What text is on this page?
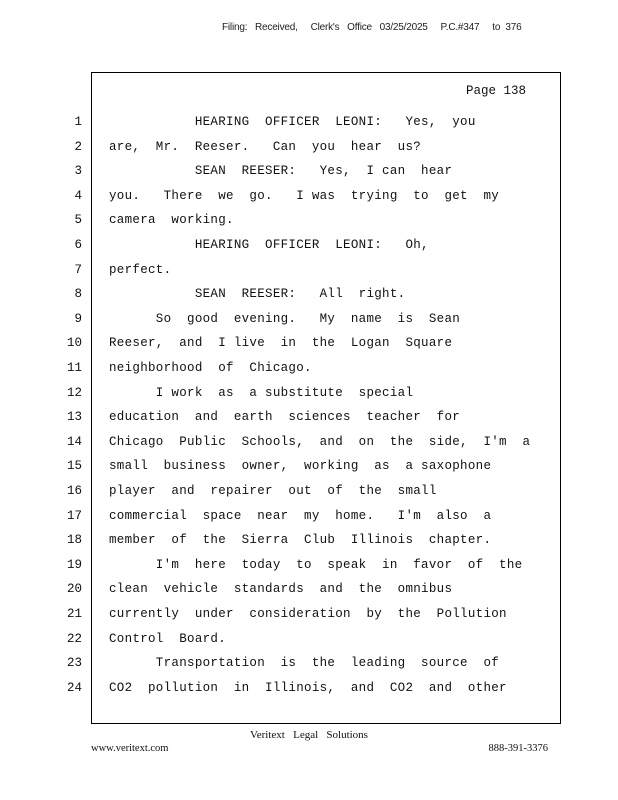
Filing:   Received,     Clerk's   Office   03/25/2025     P.C.#347     to  376
Page 138
1 HEARING  OFFICER  LEONI:   Yes,  you
2 are,  Mr.  Reeser.   Can  you  hear  us?
3 SEAN  REESER:   Yes,  I can  hear
4 you.   There  we  go.   I was  trying  to  get  my
5 camera  working.
6 HEARING  OFFICER  LEONI:   Oh,
7 perfect.
8 SEAN  REESER:   All  right.
9 So  good  evening.   My  name  is  Sean
10 Reeser,  and  I live  in  the  Logan  Square
11 neighborhood  of  Chicago.
12 I work  as  a substitute  special
13 education  and  earth  sciences  teacher  for
14 Chicago  Public  Schools,  and  on  the  side,  I'm  a
15 small  business  owner,  working  as  a saxophone
16 player  and  repairer  out  of  the  small
17 commercial  space  near  my  home.   I'm  also  a
18 member  of  the  Sierra  Club  Illinois  chapter.
19 I'm  here  today  to  speak  in  favor  of  the
20 clean  vehicle  standards  and  the  omnibus
21 currently  under  consideration  by  the  Pollution
22 Control  Board.
23 Transportation  is  the  leading  source  of
24 CO2  pollution  in  Illinois,  and  CO2  and  other
Veritext   Legal   Solutions
www.veritext.com	888-391-3376
